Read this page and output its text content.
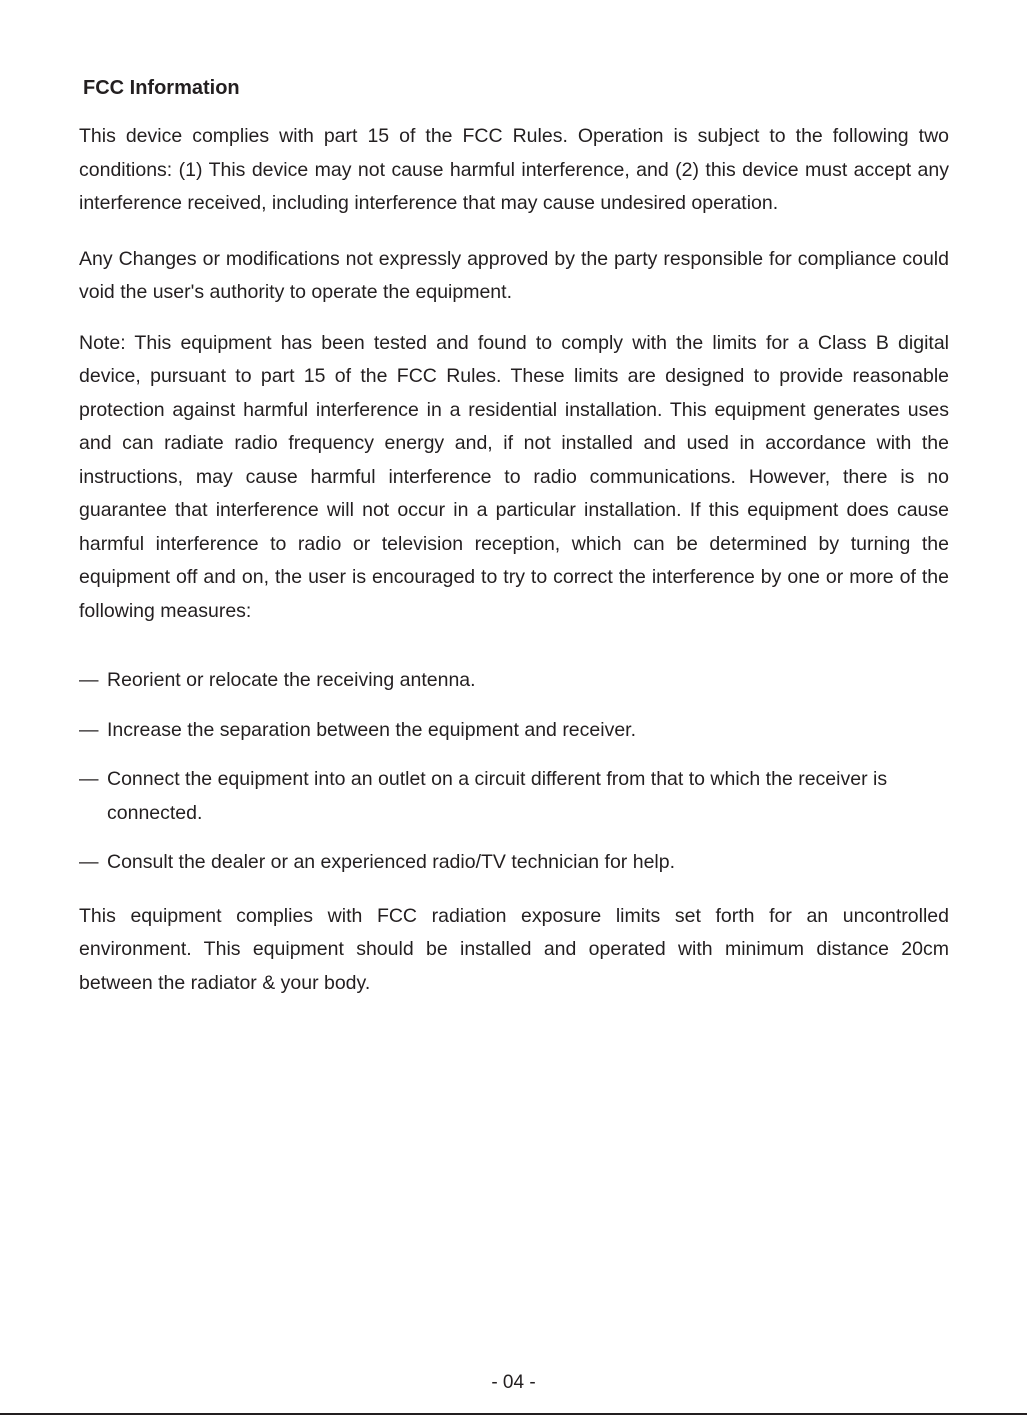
FCC Information

This device complies with part 15 of the FCC Rules. Operation is subject to the following two conditions: (1) This device may not cause harmful interference, and (2) this device must accept any interference received, including interference that may cause undesired operation.

Any Changes or modifications not expressly approved by the party responsible for compliance could void the user's authority to operate the equipment.

Note: This equipment has been tested and found to comply with the limits for a Class B digital device, pursuant to part 15 of the FCC Rules. These limits are designed to provide reasonable protection against harmful interference in a residential installation. This equipment generates uses and can radiate radio frequency energy and, if not installed and used in accordance with the instructions, may cause harmful interference to radio communications. However, there is no guarantee that interference will not occur in a particular installation. If this equipment does cause harmful interference to radio or television reception, which can be determined by turning the equipment off and on, the user is encouraged to try to correct the interference by one or more of the following measures:

— Reorient or relocate the receiving antenna.
— Increase the separation between the equipment and receiver.
— Connect the equipment into an outlet on a circuit different from that to which the receiver is connected.
— Consult the dealer or an experienced radio/TV technician for help.

This equipment complies with FCC radiation exposure limits set forth for an uncontrolled environment. This equipment should be installed and operated with minimum distance 20cm between the radiator & your body.

- 04 -
